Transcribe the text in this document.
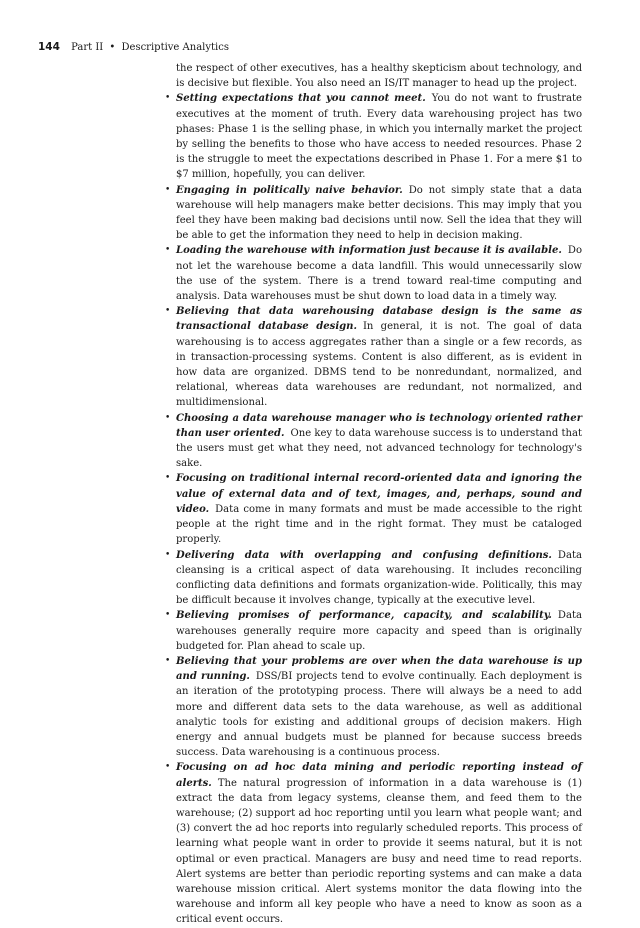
144 Part II • Descriptive Analytics

the respect of other executives, has a healthy skepticism about technology, and is decisive but flexible. You also need an IS/IT manager to head up the project.

• Setting expectations that you cannot meet. You do not want to frustrate executives at the moment of truth. Every data warehousing project has two phases: Phase 1 is the selling phase, in which you internally market the project by selling the benefits to those who have access to needed resources. Phase 2 is the struggle to meet the expectations described in Phase 1. For a mere $1 to $7 million, hopefully, you can deliver.
• Engaging in politically naive behavior. Do not simply state that a data warehouse will help managers make better decisions. This may imply that you feel they have been making bad decisions until now. Sell the idea that they will be able to get the information they need to help in decision making.
• Loading the warehouse with information just because it is available. Do not let the warehouse become a data landfill. This would unnecessarily slow the use of the system. There is a trend toward real-time computing and analysis. Data warehouses must be shut down to load data in a timely way.
• Believing that data warehousing database design is the same as transactional database design. In general, it is not. The goal of data warehousing is to access aggregates rather than a single or a few records, as in transaction-processing systems. Content is also different, as is evident in how data are organized. DBMS tend to be nonredundant, normalized, and relational, whereas data warehouses are redundant, not normalized, and multidimensional.
• Choosing a data warehouse manager who is technology oriented rather than user oriented. One key to data warehouse success is to understand that the users must get what they need, not advanced technology for technology's sake.
• Focusing on traditional internal record-oriented data and ignoring the value of external data and of text, images, and, perhaps, sound and video. Data come in many formats and must be made accessible to the right people at the right time and in the right format. They must be cataloged properly.
• Delivering data with overlapping and confusing definitions. Data cleansing is a critical aspect of data warehousing. It includes reconciling conflicting data definitions and formats organization-wide. Politically, this may be difficult because it involves change, typically at the executive level.
• Believing promises of performance, capacity, and scalability. Data warehouses generally require more capacity and speed than is originally budgeted for. Plan ahead to scale up.
• Believing that your problems are over when the data warehouse is up and running. DSS/BI projects tend to evolve continually. Each deployment is an iteration of the prototyping process. There will always be a need to add more and different data sets to the data warehouse, as well as additional analytic tools for existing and additional groups of decision makers. High energy and annual budgets must be planned for because success breeds success. Data warehousing is a continuous process.
• Focusing on ad hoc data mining and periodic reporting instead of alerts. The natural progression of information in a data warehouse is (1) extract the data from legacy systems, cleanse them, and feed them to the warehouse; (2) support ad hoc reporting until you learn what people want; and (3) convert the ad hoc reports into regularly scheduled reports. This process of learning what people want in order to provide it seems natural, but it is not optimal or even practical. Managers are busy and need time to read reports. Alert systems are better than periodic reporting systems and can make a data warehouse mission critical. Alert systems monitor the data flowing into the warehouse and inform all key people who have a need to know as soon as a critical event occurs.
